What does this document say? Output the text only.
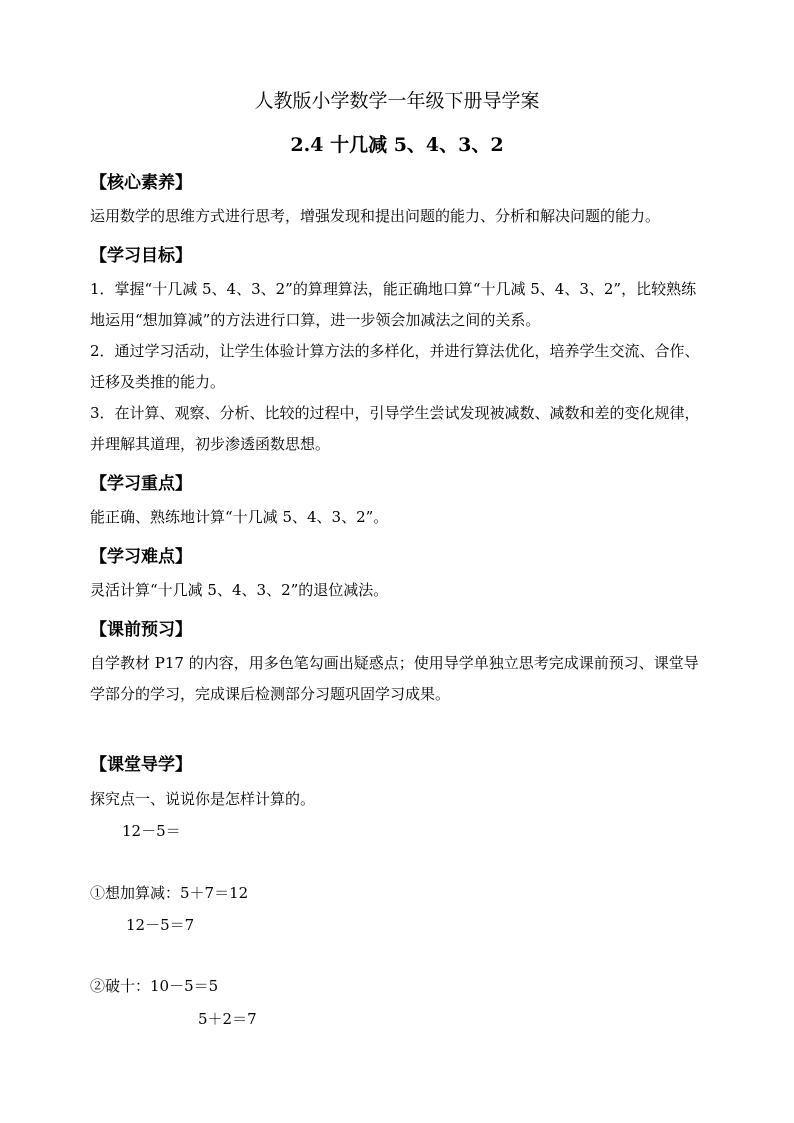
人教版小学数学一年级下册导学案
2.4 十几减 5、4、3、2
【核心素养】
运用数学的思维方式进行思考，增强发现和提出问题的能力、分析和解决问题的能力。
【学习目标】
1．掌握“十几减 5、4、3、2”的算理算法，能正确地口算“十几减 5、4、3、2”，比较熟练地运用“想加算减”的方法进行口算，进一步领会加减法之间的关系。
2．通过学习活动，让学生体验计算方法的多样化，并进行算法优化，培养学生交流、合作、迁移及类推的能力。
3．在计算、观察、分析、比较的过程中，引导学生尝试发现被减数、减数和差的变化规律，并理解其道理，初步渗透函数思想。
【学习重点】
能正确、熟练地计算“十几减 5、4、3、2”。
【学习难点】
灵活计算“十几减 5、4、3、2”的退位减法。
【课前预习】
自学教材 P17 的内容，用多色笔勾画出疑惑点；使用导学单独立思考完成课前预习、课堂导学部分的学习，完成课后检测部分习题巩固学习成果。
【课堂导学】
探究点一、说说你是怎样计算的。
12－5＝
①想加算减：5＋7＝12
12－5＝7
②破十：10－5＝5
5＋2＝7
